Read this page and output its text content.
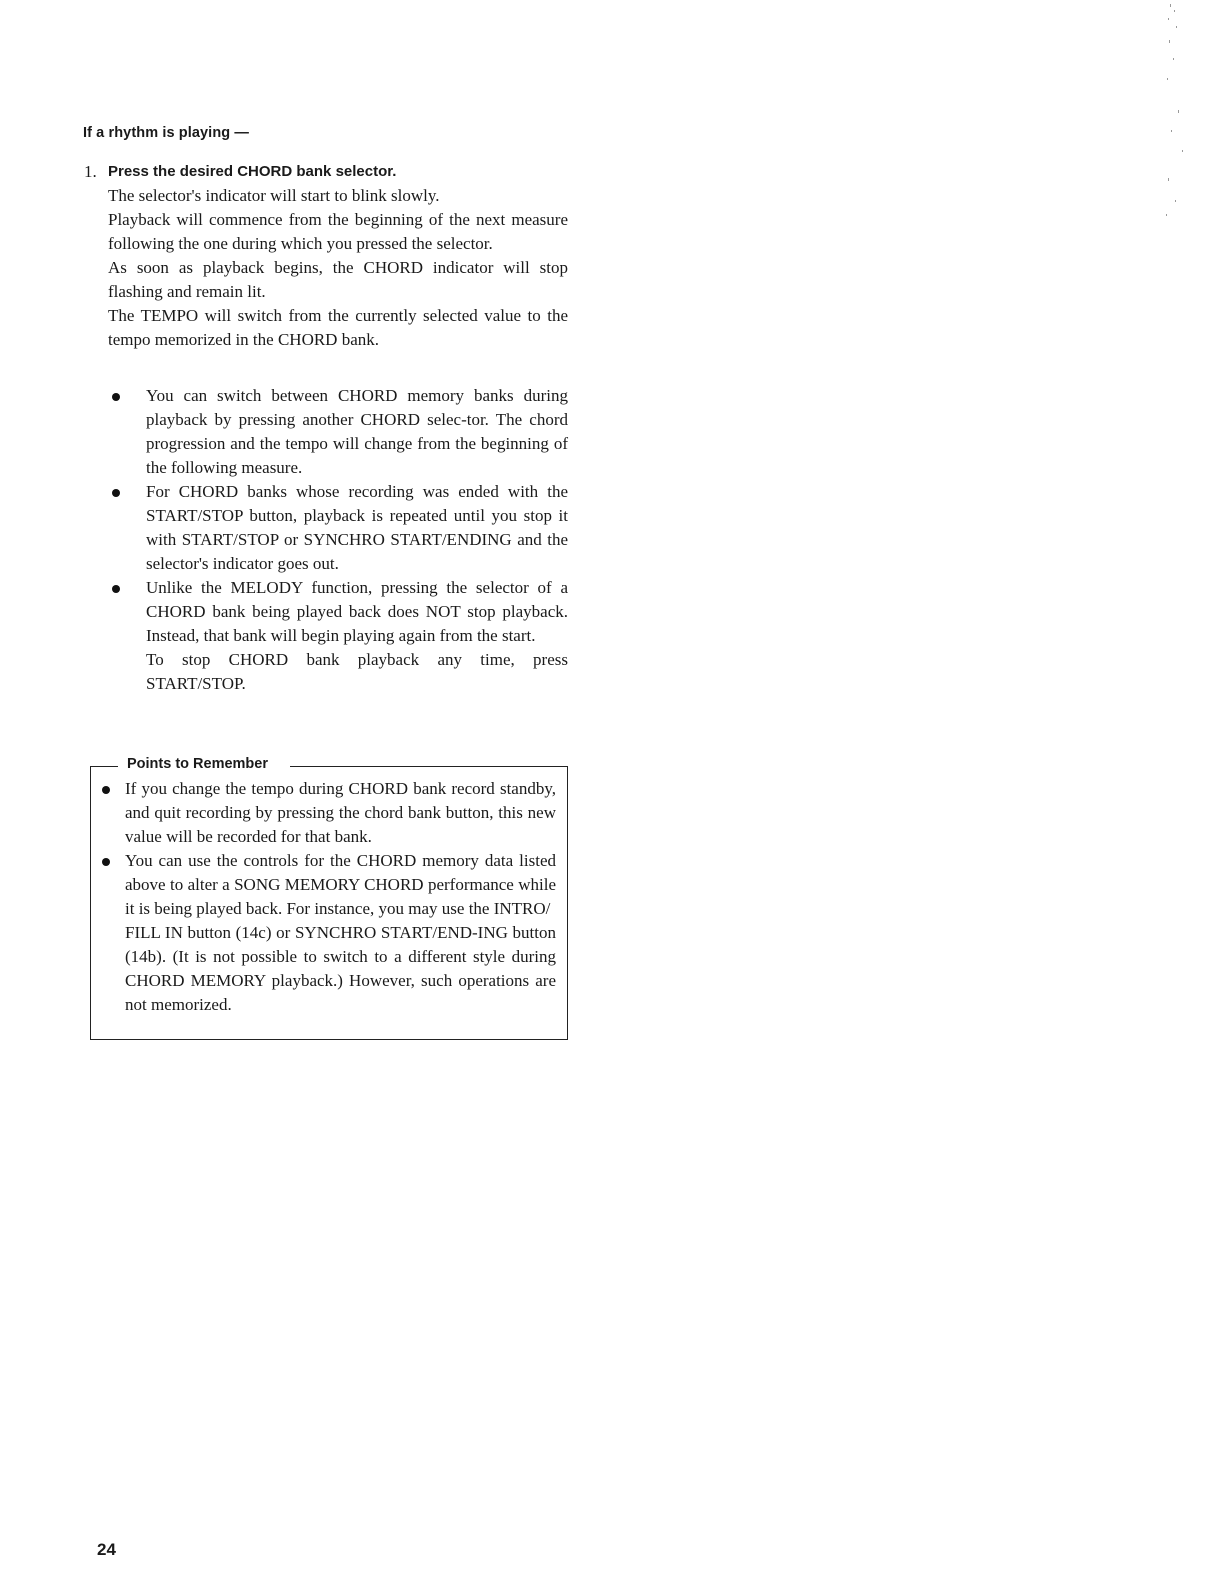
If a rhythm is playing —
1. Press the desired CHORD bank selector.
The selector's indicator will start to blink slowly.
Playback will commence from the beginning of the next measure following the one during which you pressed the selector.
As soon as playback begins, the CHORD indicator will stop flashing and remain lit.
The TEMPO will switch from the currently selected value to the tempo memorized in the CHORD bank.
You can switch between CHORD memory banks during playback by pressing another CHORD selec-tor. The chord progression and the tempo will change from the beginning of the following measure.
For CHORD banks whose recording was ended with the START/STOP button, playback is repeated until you stop it with START/STOP or SYNCHRO START/ENDING and the selector's indicator goes out.
Unlike the MELODY function, pressing the selector of a CHORD bank being played back does NOT stop playback. Instead, that bank will begin playing again from the start.
To stop CHORD bank playback any time, press START/STOP.
Points to Remember
If you change the tempo during CHORD bank record standby, and quit recording by pressing the chord bank button, this new value will be recorded for that bank.
You can use the controls for the CHORD memory data listed above to alter a SONG MEMORY CHORD performance while it is being played back. For instance, you may use the INTRO/
FILL IN button (14c) or SYNCHRO START/END-ING button (14b). (It is not possible to switch to a different style during CHORD MEMORY playback.) However, such operations are not memorized.
24
